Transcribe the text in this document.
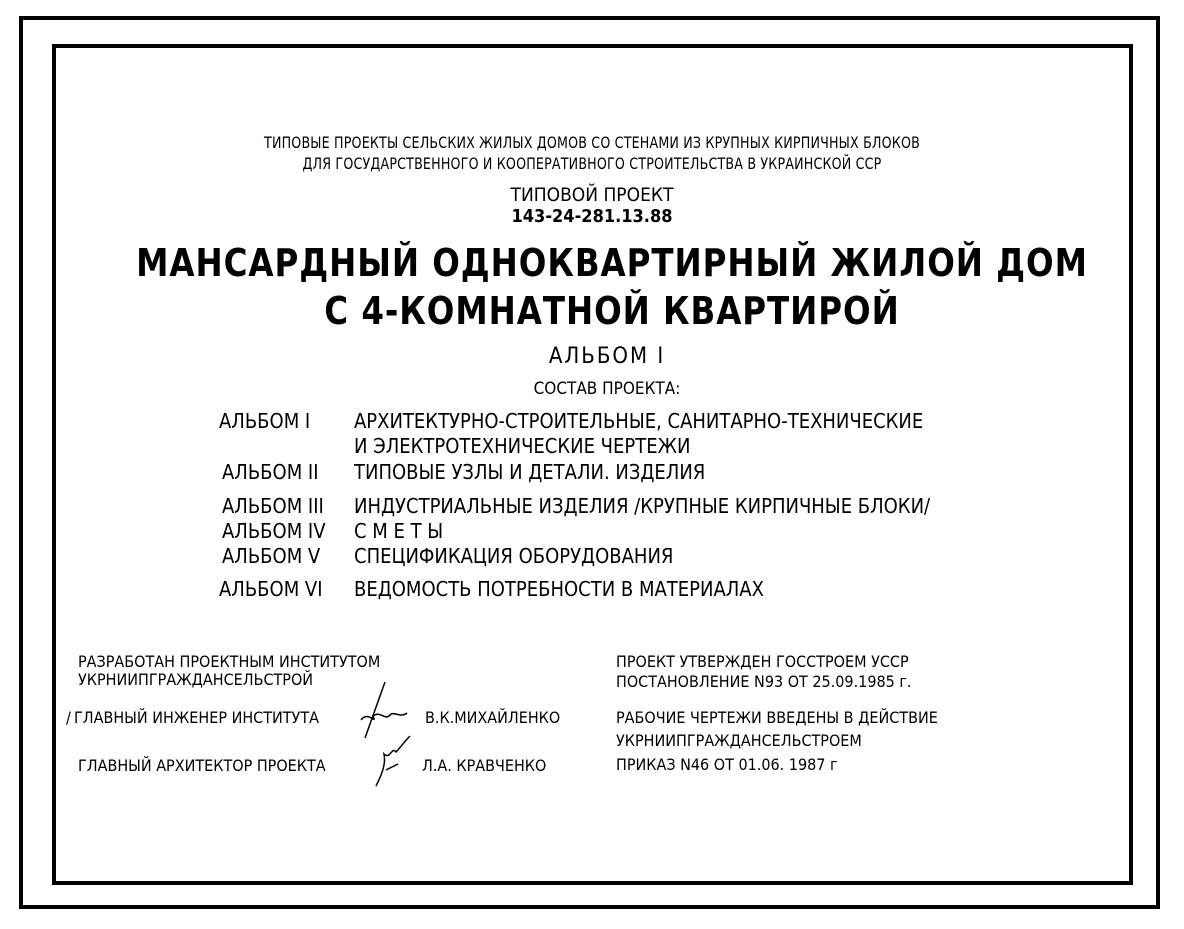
ТИПОВЫЕ ПРОЕКТЫ СЕЛЬСКИХ ЖИЛЫХ ДОМОВ СО СТЕНАМИ ИЗ КРУПНЫХ КИРПИЧНЫХ БЛОКОВ
ДЛЯ ГОСУДАРСТВЕННОГО И КООПЕРАТИВНОГО СТРОИТЕЛЬСТВА В УКРАИНСКОЙ ССР
ТИПОВОЙ ПРОЕКТ
143-24-281.13.88
МАНСАРДНЫЙ ОДНОКВАРТИРНЫЙ ЖИЛОЙ ДОМ
С 4-КОМНАТНОЙ КВАРТИРОЙ
АЛЬБОМ I
СОСТАВ ПРОЕКТА:
АЛЬБОМ I АРХИТЕКТУРНО-СТРОИТЕЛЬНЫЕ, САНИТАРНО-ТЕХНИЧЕСКИЕ
И ЭЛЕКТРОТЕХНИЧЕСКИЕ ЧЕРТЕЖИ
АЛЬБОМ II ТИПОВЫЕ УЗЛЫ И ДЕТАЛИ. ИЗДЕЛИЯ
АЛЬБОМ III ИНДУСТРИАЛЬНЫЕ ИЗДЕЛИЯ /КРУПНЫЕ КИРПИЧНЫЕ БЛОКИ/
АЛЬБОМ IV С М Е Т Ы
АЛЬБОМ V СПЕЦИФИКАЦИЯ ОБОРУДОВАНИЯ
АЛЬБОМ VI ВЕДОМОСТЬ ПОТРЕБНОСТИ В МАТЕРИАЛАХ
РАЗРАБОТАН ПРОЕКТНЫМ ИНСТИТУТОМ
УКРНИИПГРАЖДАНСЕЛЬСТРОЙ
/ ГЛАВНЫЙ ИНЖЕНЕР ИНСТИТУТА	В.К.МИХАЙЛЕНКО
ГЛАВНЫЙ АРХИТЕКТОР ПРОЕКТА	Л.А. КРАВЧЕНКО
ПРОЕКТ УТВЕРЖДЕН ГОССТРОЕМ УССР
ПОСТАНОВЛЕНИЕ N93 ОТ 25.09.1985 г.
РАБОЧИЕ ЧЕРТЕЖИ ВВЕДЕНЫ В ДЕЙСТВИЕ
УКРНИИПГРАЖДАНСЕЛЬСТРОЕМ
ПРИКАЗ N46 ОТ 01.06. 1987 г
